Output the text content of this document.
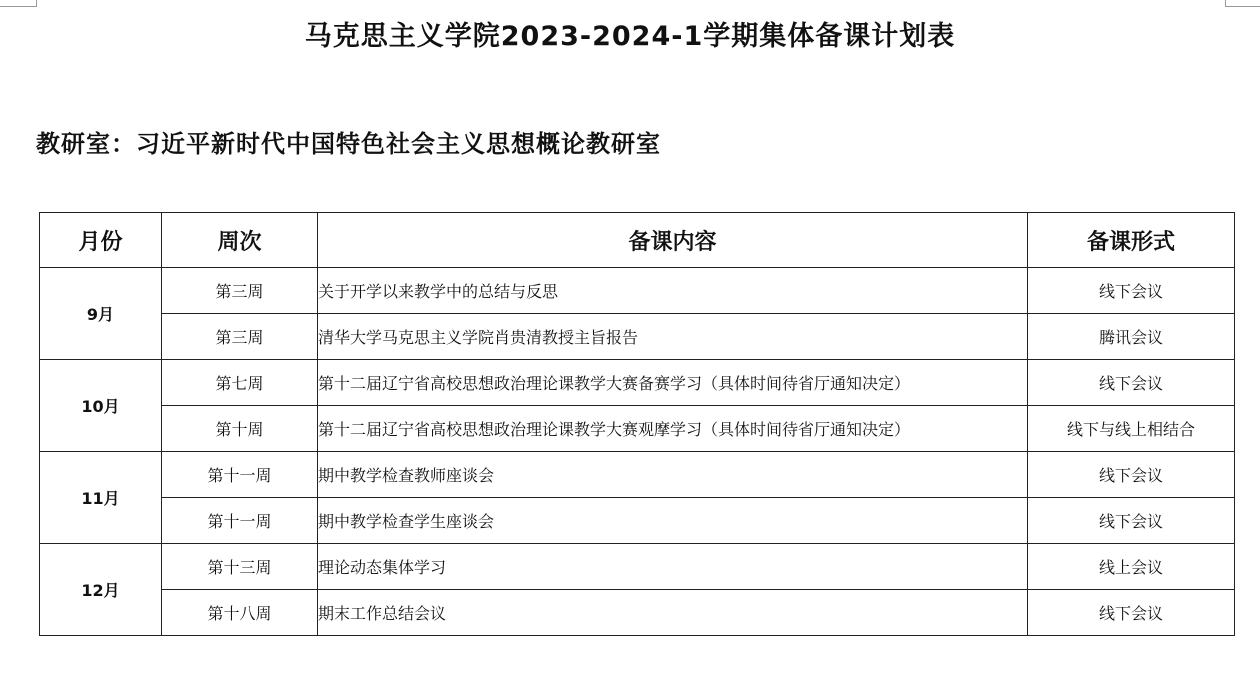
马克思主义学院2023-2024-1学期集体备课计划表
教研室：习近平新时代中国特色社会主义思想概论教研室
月份	周次	备课内容	备课形式
9月	第三周	关于开学以来教学中的总结与反思	线下会议
	第三周	清华大学马克思主义学院肖贵清教授主旨报告	腾讯会议
10月	第七周	第十二届辽宁省高校思想政治理论课教学大赛备赛学习（具体时间待省厅通知决定）	线下会议
	第十周	第十二届辽宁省高校思想政治理论课教学大赛观摩学习（具体时间待省厅通知决定）	线下与线上相结合
11月	第十一周	期中教学检查教师座谈会	线下会议
	第十一周	期中教学检查学生座谈会	线下会议
12月	第十三周	理论动态集体学习	线上会议
	第十八周	期末工作总结会议	线下会议
